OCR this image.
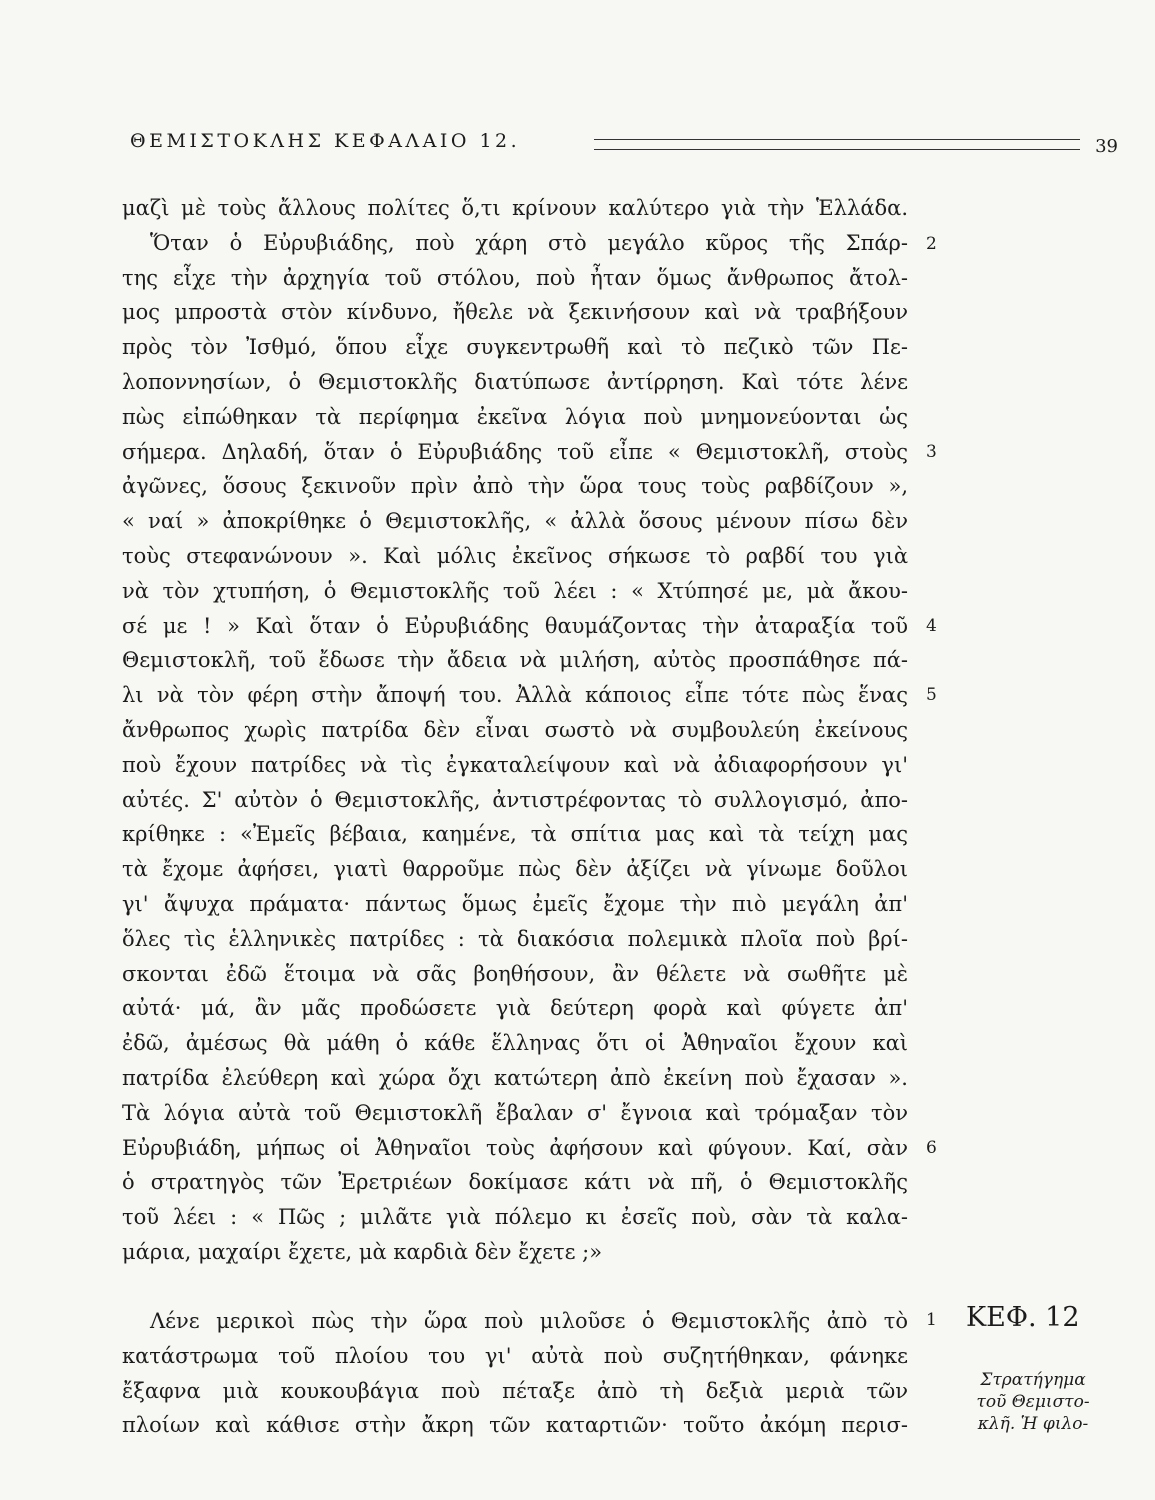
ΘΕΜΙΣΤΟΚΛΗΣ ΚΕΦΑΛΑΙΟ 12.	39
μαζὶ μὲ τοὺς ἄλλους πολίτες ὅ,τι κρίνουν καλύτερο γιὰ τὴν Ἑλλάδα.
Ὅταν ὁ Εὐρυβιάδης, ποὺ χάρη στὸ μεγάλο κῦρος τῆς Σπάρ-
της εἶχε τὴν ἀρχηγία τοῦ στόλου, ποὺ ἦταν ὅμως ἄνθρωπος ἄτολ-
μος μπροστὰ στὸν κίνδυνο, ἤθελε νὰ ξεκινήσουν καὶ νὰ τραβήξουν
πρὸς τὸν Ἰσθμό, ὅπου εἶχε συγκεντρωθῆ καὶ τὸ πεζικὸ τῶν Πε-
λοποννησίων, ὁ Θεμιστοκλῆς διατύπωσε ἀντίρρηση. Καὶ τότε λένε
πὼς εἰπώθηκαν τὰ περίφημα ἐκεῖνα λόγια ποὺ μνημονεύονται ὡς
σήμερα. Δηλαδή, ὅταν ὁ Εὐρυβιάδης τοῦ εἶπε « Θεμιστοκλῆ, στοὺς
ἀγῶνες, ὅσους ξεκινοῦν πρὶν ἀπὸ τὴν ὥρα τους τοὺς ραβδίζουν »,
« ναί » ἀποκρίθηκε ὁ Θεμιστοκλῆς, « ἀλλὰ ὅσους μένουν πίσω δὲν
τοὺς στεφανώνουν ». Καὶ μόλις ἐκεῖνος σήκωσε τὸ ραβδί του γιὰ
νὰ τὸν χτυπήση, ὁ Θεμιστοκλῆς τοῦ λέει : « Χτύπησέ με, μὰ ἄκου-
σέ με ! » Καὶ ὅταν ὁ Εὐρυβιάδης θαυμάζοντας τὴν ἀταραξία τοῦ
Θεμιστοκλῆ, τοῦ ἔδωσε τὴν ἄδεια νὰ μιλήση, αὐτὸς προσπάθησε πά-
λι νὰ τὸν φέρη στὴν ἄποψή του. Ἀλλὰ κάποιος εἶπε τότε πὼς ἕνας
ἄνθρωπος χωρὶς πατρίδα δὲν εἶναι σωστὸ νὰ συμβουλεύη ἐκείνους
ποὺ ἔχουν πατρίδες νὰ τὶς ἐγκαταλείψουν καὶ νὰ ἀδιαφορήσουν γι'
αὐτές. Σ' αὐτὸν ὁ Θεμιστοκλῆς, ἀντιστρέφοντας τὸ συλλογισμό, ἀπο-
κρίθηκε : «Ἐμεῖς βέβαια, καημένε, τὰ σπίτια μας καὶ τὰ τείχη μας
τὰ ἔχομε ἀφήσει, γιατὶ θαρροῦμε πὼς δὲν ἀξίζει νὰ γίνωμε δοῦλοι
γι' ἄψυχα πράματα· πάντως ὅμως ἐμεῖς ἔχομε τὴν πιὸ μεγάλη ἀπ'
ὅλες τὶς ἑλληνικὲς πατρίδες : τὰ διακόσια πολεμικὰ πλοῖα ποὺ βρί-
σκονται ἐδῶ ἕτοιμα νὰ σᾶς βοηθήσουν, ἂν θέλετε νὰ σωθῆτε μὲ
αὐτά· μά, ἂν μᾶς προδώσετε γιὰ δεύτερη φορὰ καὶ φύγετε ἀπ'
ἐδῶ, ἀμέσως θὰ μάθη ὁ κάθε ἕλληνας ὅτι οἱ Ἀθηναῖοι ἔχουν καὶ
πατρίδα ἐλεύθερη καὶ χώρα ὄχι κατώτερη ἀπὸ ἐκείνη ποὺ ἔχασαν ».
Τὰ λόγια αὐτὰ τοῦ Θεμιστοκλῆ ἔβαλαν σ' ἔγνοια καὶ τρόμαξαν τὸν
Εὐρυβιάδη, μήπως οἱ Ἀθηναῖοι τοὺς ἀφήσουν καὶ φύγουν. Καί, σὰν
ὁ στρατηγὸς τῶν Ἐρετριέων δοκίμασε κάτι νὰ πῆ, ὁ Θεμιστοκλῆς
τοῦ λέει : « Πῶς ; μιλᾶτε γιὰ πόλεμο κι ἐσεῖς ποὺ, σὰν τὰ καλα-
μάρια, μαχαίρι ἔχετε, μὰ καρδιὰ δὲν ἔχετε ;»
Λένε μερικοὶ πὼς τὴν ὥρα ποὺ μιλοῦσε ὁ Θεμιστοκλῆς ἀπὸ τὸ
κατάστρωμα τοῦ πλοίου του γι' αὐτὰ ποὺ συζητήθηκαν, φάνηκε
ἔξαφνα μιὰ κουκουβάγια ποὺ πέταξε ἀπὸ τὴ δεξιὰ μεριὰ τῶν
πλοίων καὶ κάθισε στὴν ἄκρη τῶν καταρτιῶν· τοῦτο ἀκόμη περισ-
2
3
4
5
6
1 ΚΕΦ. 12
Στρατήγημα
τοῦ Θεμιστο-
κλῆ. Ἡ φιλο-
